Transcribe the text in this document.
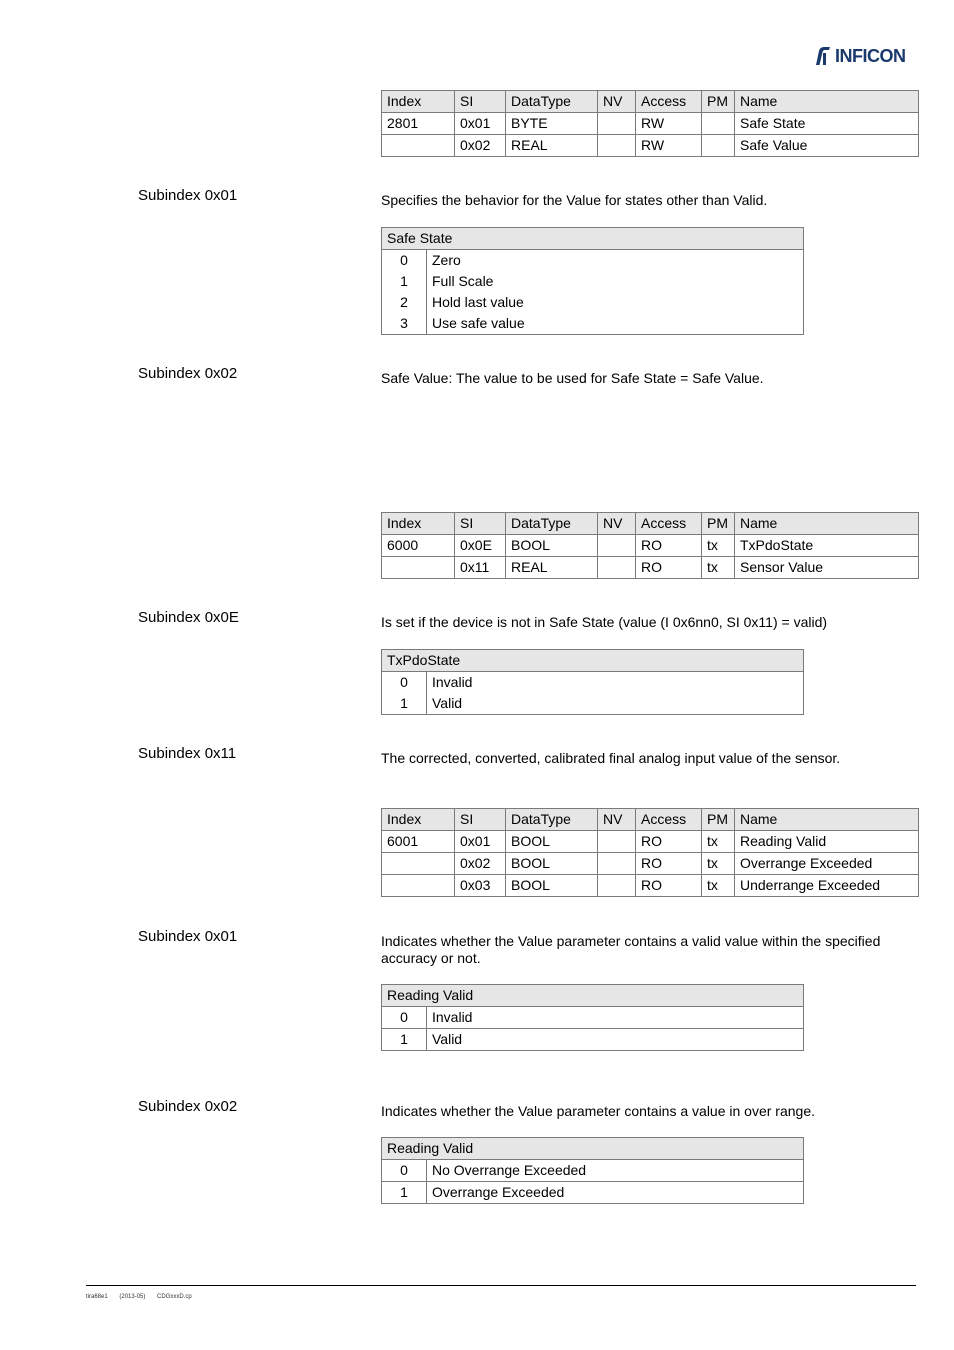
INFICON
Index	SI	DataType	NV	Access	PM	Name
2801	0x01	BYTE		RW		Safe State
	0x02	REAL		RW		Safe Value
Subindex 0x01	Specifies the behavior for the Value for states other than Valid.
Safe State	
0	Zero
1	Full Scale
2	Hold last value
3	Use safe value
Subindex 0x02	Safe Value: The value to be used for Safe State = Safe Value.
Index	SI	DataType	NV	Access	PM	Name
6000	0x0E	BOOL		RO	tx	TxPdoState
	0x11	REAL		RO	tx	Sensor Value
Subindex 0x0E	Is set if the device is not in Safe State (value (I 0x6nn0, SI 0x11) = valid)
TxPdoState	
0	Invalid
1	Valid
Subindex 0x11	The corrected, converted, calibrated final analog input value of the sensor.
Index	SI	DataType	NV	Access	PM	Name
6001	0x01	BOOL		RO	tx	Reading Valid
	0x02	BOOL		RO	tx	Overrange Exceeded
	0x03	BOOL		RO	tx	Underrange Exceeded
Subindex 0x01	Indicates whether the Value parameter contains a valid value within the specified accuracy or not.
Reading Valid	
0	Invalid
1	Valid
Subindex 0x02	Indicates whether the Value parameter contains a value in over range.
Reading Valid	
0	No Overrange Exceeded
1	Overrange Exceeded
tira68e1 (2013-05) CDGxxxD.cp
